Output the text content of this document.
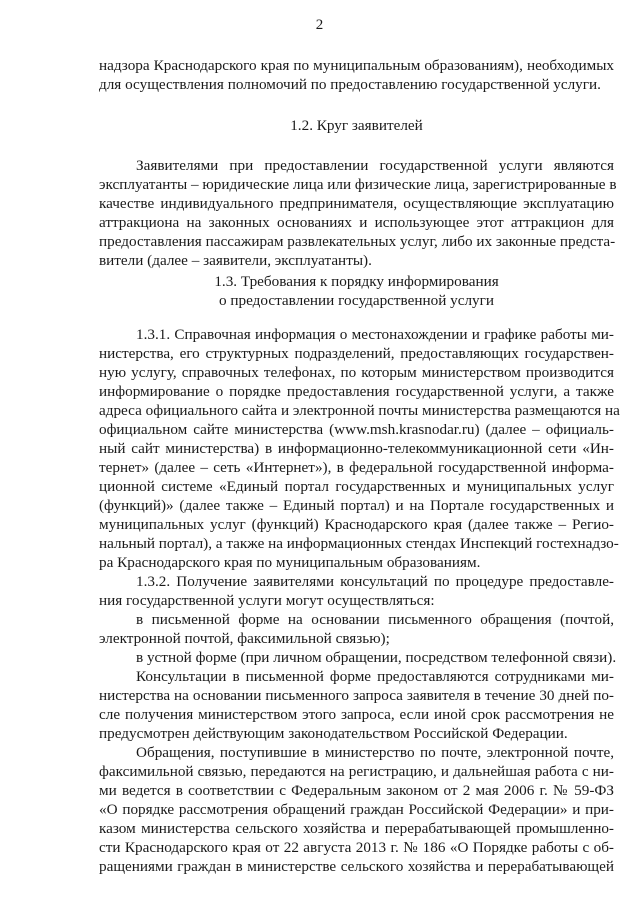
2
надзора Краснодарского края по муниципальным образованиям), необходимых
для осуществления полномочий по предоставлению государственной услуги.
1.2. Круг заявителей
Заявителями при предоставлении государственной услуги являются
эксплуатанты – юридические лица или физические лица, зарегистрированные в
качестве индивидуального предпринимателя, осуществляющие эксплуатацию
аттракциона на законных основаниях и использующее этот аттракцион для
предоставления пассажирам развлекательных услуг, либо их законные предста-
вители (далее – заявители, эксплуатанты).
1.3. Требования к порядку информирования
о предоставлении государственной услуги
1.3.1. Справочная информация о местонахождении и графике работы ми-
нистерства, его структурных подразделений, предоставляющих государствен-
ную услугу, справочных телефонах, по которым министерством производится
информирование о порядке предоставления государственной услуги, а также
адреса официального сайта и электронной почты министерства размещаются на
официальном сайте министерства (www.msh.krasnodar.ru) (далее – официаль-
ный сайт министерства) в информационно-телекоммуникационной сети «Ин-
тернет» (далее – сеть «Интернет»), в федеральной государственной информа-
ционной системе «Единый портал государственных и муниципальных услуг
(функций)» (далее также – Единый портал) и на Портале государственных и
муниципальных услуг (функций) Краснодарского края (далее также – Регио-
нальный портал), а также на информационных стендах Инспекций гостехнадзо-
ра Краснодарского края по муниципальным образованиям.
1.3.2. Получение заявителями консультаций по процедуре предоставле-
ния государственной услуги могут осуществляться:
в письменной форме на основании письменного обращения (почтой,
электронной почтой, факсимильной связью);
в устной форме (при личном обращении, посредством телефонной связи).
Консультации в письменной форме предоставляются сотрудниками ми-
нистерства на основании письменного запроса заявителя в течение 30 дней по-
сле получения министерством этого запроса, если иной срок рассмотрения не
предусмотрен действующим законодательством Российской Федерации.
Обращения, поступившие в министерство по почте, электронной почте,
факсимильной связью, передаются на регистрацию, и дальнейшая работа с ни-
ми ведется в соответствии с Федеральным законом от 2 мая 2006 г. № 59-ФЗ
«О порядке рассмотрения обращений граждан Российской Федерации» и при-
казом министерства сельского хозяйства и перерабатывающей промышленно-
сти Краснодарского края от 22 августа 2013 г. № 186 «О Порядке работы с об-
ращениями граждан в министерстве сельского хозяйства и перерабатывающей
